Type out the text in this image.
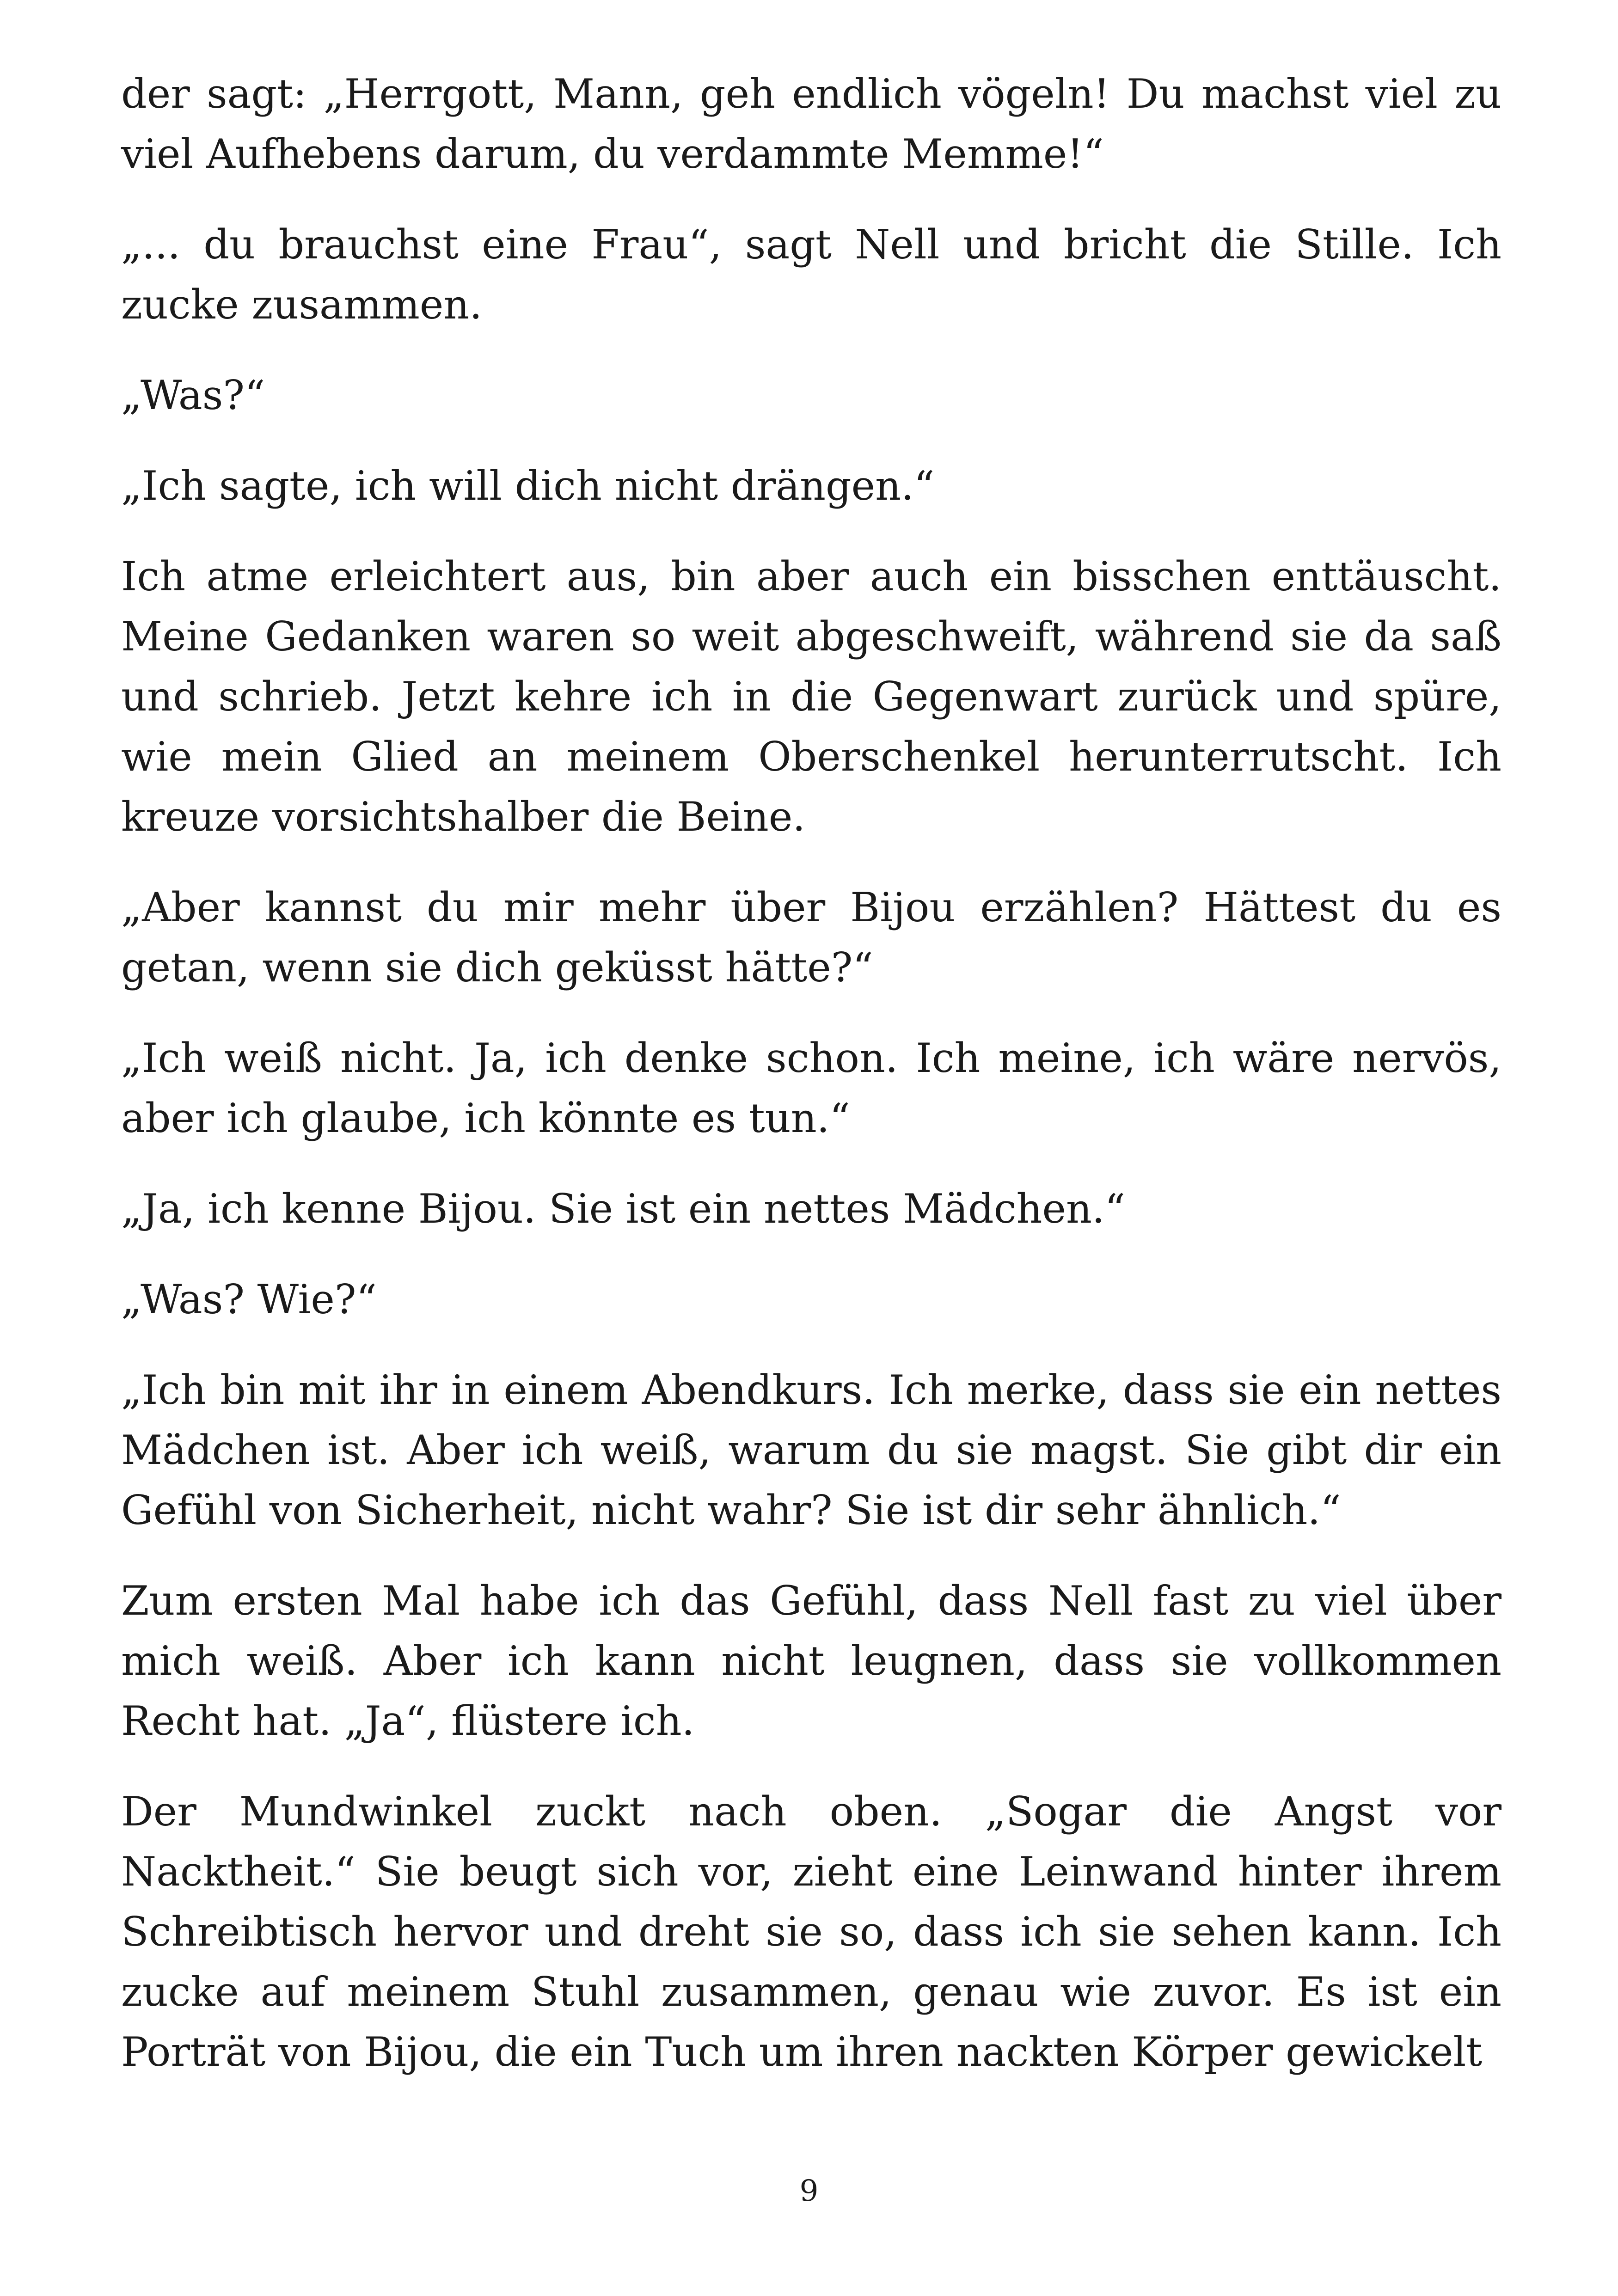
der sagt: „Herrgott, Mann, geh endlich vögeln! Du machst viel zu viel Aufhebens darum, du verdammte Memme!“

„... du brauchst eine Frau“, sagt Nell und bricht die Stille. Ich zucke zusammen.

„Was?“

„Ich sagte, ich will dich nicht drängen.“

Ich atme erleichtert aus, bin aber auch ein bisschen enttäuscht. Meine Gedanken waren so weit abgeschweift, während sie da saß und schrieb. Jetzt kehre ich in die Gegenwart zurück und spüre, wie mein Glied an meinem Oberschenkel herunterrutscht. Ich kreuze vorsichtshalber die Beine.

„Aber kannst du mir mehr über Bijou erzählen? Hättest du es getan, wenn sie dich geküsst hätte?“

„Ich weiß nicht. Ja, ich denke schon. Ich meine, ich wäre nervös, aber ich glaube, ich könnte es tun.“

„Ja, ich kenne Bijou. Sie ist ein nettes Mädchen.“

„Was? Wie?“

„Ich bin mit ihr in einem Abendkurs. Ich merke, dass sie ein nettes Mädchen ist. Aber ich weiß, warum du sie magst. Sie gibt dir ein Gefühl von Sicherheit, nicht wahr? Sie ist dir sehr ähnlich.“

Zum ersten Mal habe ich das Gefühl, dass Nell fast zu viel über mich weiß. Aber ich kann nicht leugnen, dass sie vollkommen Recht hat. „Ja“, flüstere ich.

Der Mundwinkel zuckt nach oben. „Sogar die Angst vor Nacktheit.“ Sie beugt sich vor, zieht eine Leinwand hinter ihrem Schreibtisch hervor und dreht sie so, dass ich sie sehen kann. Ich zucke auf meinem Stuhl zusammen, genau wie zuvor. Es ist ein Porträt von Bijou, die ein Tuch um ihren nackten Körper gewickelt

9
